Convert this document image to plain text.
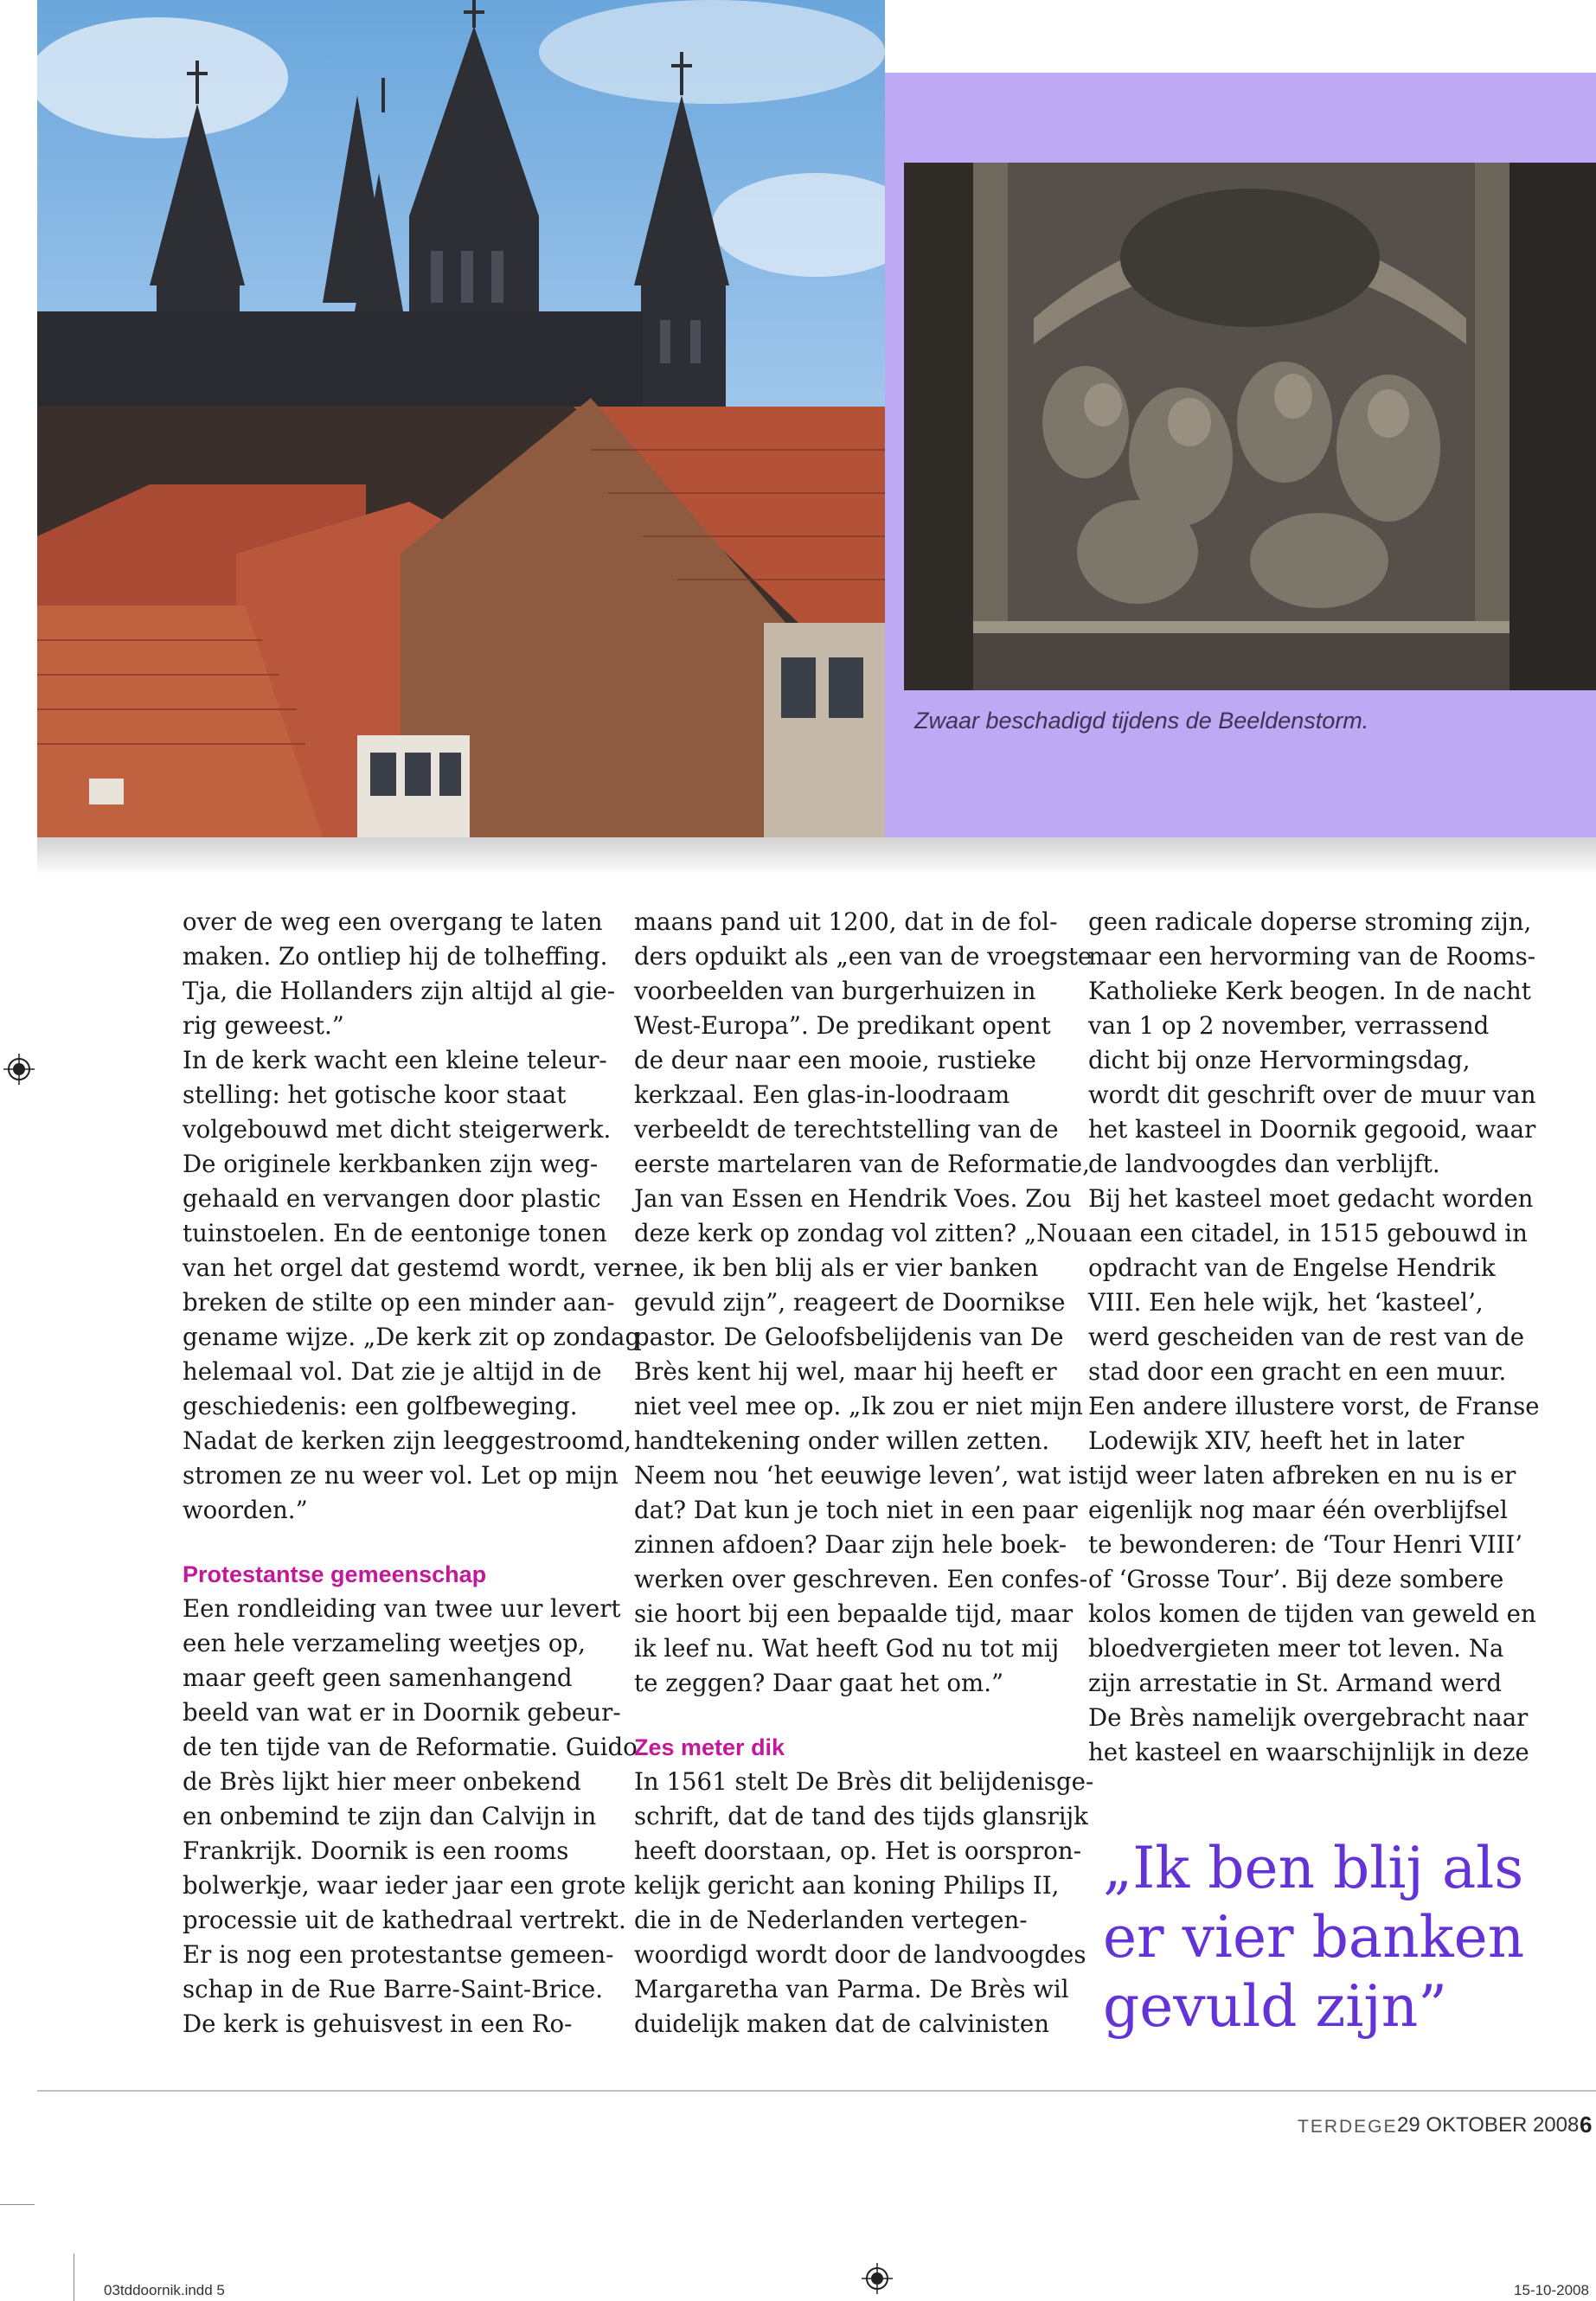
Zwaar beschadigd tijdens de Beeldenstorm.
over de weg een overgang te laten
maken. Zo ontliep hij de tolheffing.
Tja, die Hollanders zijn altijd al gie-
rig geweest.”
In de kerk wacht een kleine teleur-
stelling: het gotische koor staat
volgebouwd met dicht steigerwerk.
De originele kerkbanken zijn weg-
gehaald en vervangen door plastic
tuinstoelen. En de eentonige tonen
van het orgel dat gestemd wordt, ver-
breken de stilte op een minder aan-
gename wijze. „De kerk zit op zondag
helemaal vol. Dat zie je altijd in de
geschiedenis: een golfbeweging.
Nadat de kerken zijn leeggestroomd,
stromen ze nu weer vol. Let op mijn
woorden.”
Protestantse gemeenschap
Een rondleiding van twee uur levert
een hele verzameling weetjes op,
maar geeft geen samenhangend
beeld van wat er in Doornik gebeur-
de ten tijde van de Reformatie. Guido
de Brès lijkt hier meer onbekend
en onbemind te zijn dan Calvijn in
Frankrijk. Doornik is een rooms
bolwerkje, waar ieder jaar een grote
processie uit de kathedraal vertrekt.
Er is nog een protestantse gemeen-
schap in de Rue Barre-Saint-Brice.
De kerk is gehuisvest in een Ro-
maans pand uit 1200, dat in de fol-
ders opduikt als „een van de vroegste
voorbeelden van burgerhuizen in
West-Europa”. De predikant opent
de deur naar een mooie, rustieke
kerkzaal. Een glas-in-loodraam
verbeeldt de terechtstelling van de
eerste martelaren van de Reformatie,
Jan van Essen en Hendrik Voes. Zou
deze kerk op zondag vol zitten? „Nou
nee, ik ben blij als er vier banken
gevuld zijn”, reageert de Doornikse
pastor. De Geloofsbelijdenis van De
Brès kent hij wel, maar hij heeft er
niet veel mee op. „Ik zou er niet mijn
handtekening onder willen zetten.
Neem nou ‘het eeuwige leven’, wat is
dat? Dat kun je toch niet in een paar
zinnen afdoen? Daar zijn hele boek-
werken over geschreven. Een confes-
sie hoort bij een bepaalde tijd, maar
ik leef nu. Wat heeft God nu tot mij
te zeggen? Daar gaat het om.”
Zes meter dik
In 1561 stelt De Brès dit belijdenisge-
schrift, dat de tand des tijds glansrijk
heeft doorstaan, op. Het is oorspron-
kelijk gericht aan koning Philips II,
die in de Nederlanden vertegen-
woordigd wordt door de landvoogdes
Margaretha van Parma. De Brès wil
duidelijk maken dat de calvinisten
geen radicale doperse stroming zijn,
maar een hervorming van de Rooms-
Katholieke Kerk beogen. In de nacht
van 1 op 2 november, verrassend
dicht bij onze Hervormingsdag,
wordt dit geschrift over de muur van
het kasteel in Doornik gegooid, waar
de landvoogdes dan verblijft.
Bij het kasteel moet gedacht worden
aan een citadel, in 1515 gebouwd in
opdracht van de Engelse Hendrik
VIII. Een hele wijk, het ‘kasteel’,
werd gescheiden van de rest van de
stad door een gracht en een muur.
Een andere illustere vorst, de Franse
Lodewijk XIV, heeft het in later
tijd weer laten afbreken en nu is er
eigenlijk nog maar één overblijfsel
te bewonderen: de ‘Tour Henri VIII’
of ‘Grosse Tour’. Bij deze sombere
kolos komen de tijden van geweld en
bloedvergieten meer tot leven. Na
zijn arrestatie in St. Armand werd
De Brès namelijk overgebracht naar
het kasteel en waarschijnlijk in deze
„Ik ben blij als
er vier banken
gevuld zijn”
TERDEGE 29 OKTOBER 2008 6
03tddoornik.indd 5	15-10-2008
